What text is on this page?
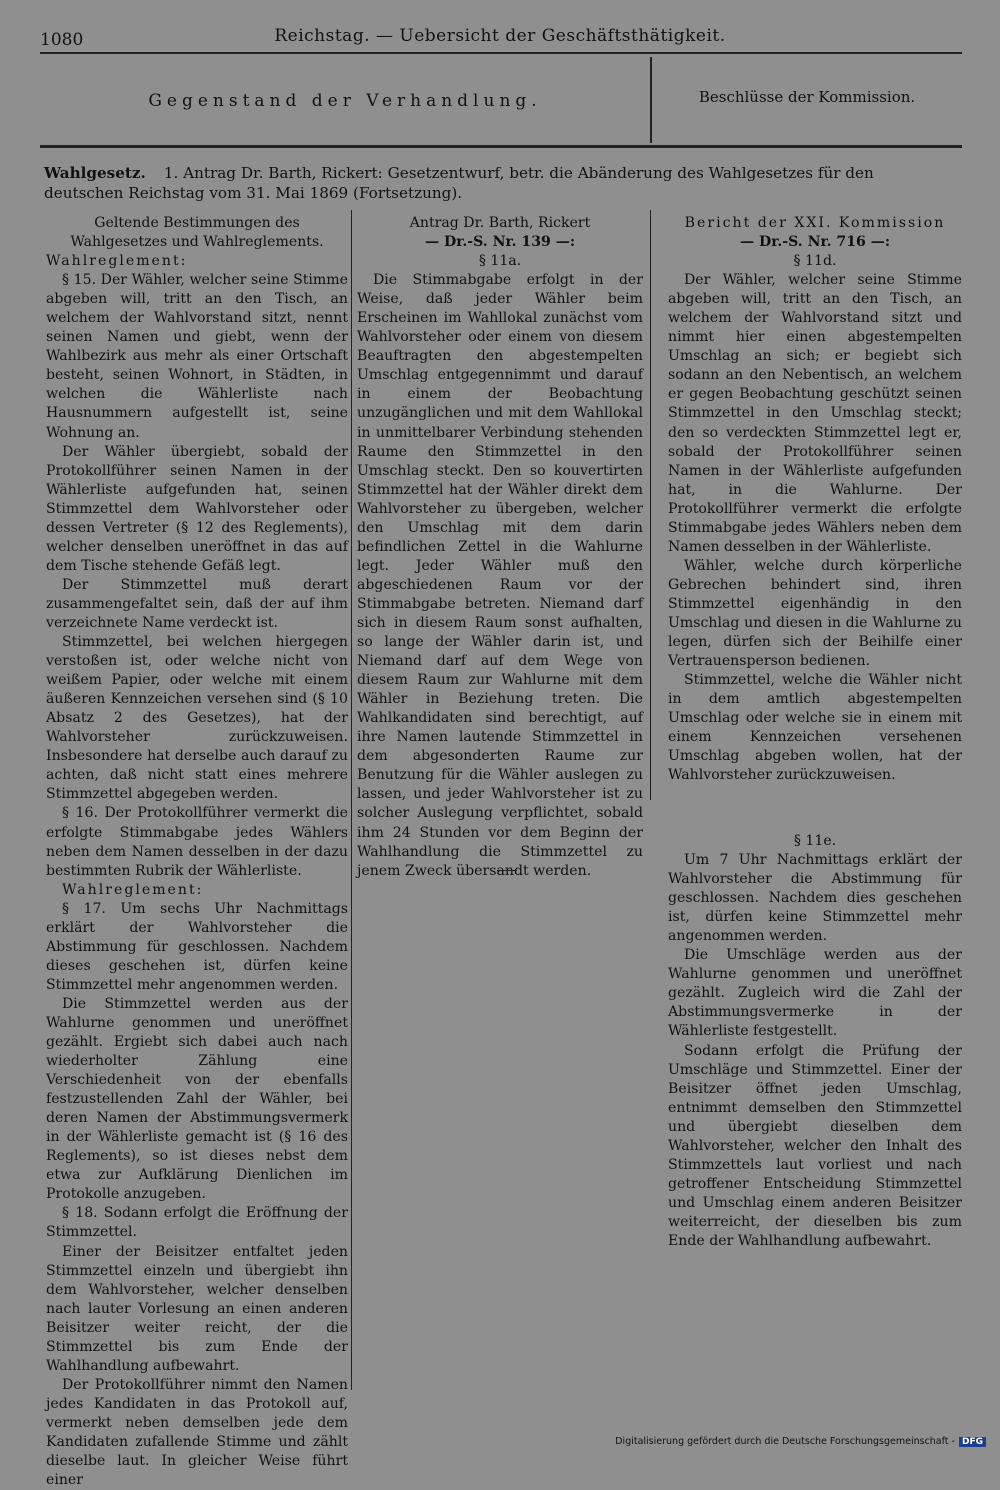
1080	Reichstag. — Uebersicht der Geschäftsthätigkeit.
Gegenstand der Verhandlung.	Beschlüsse der Kommission.
Wahlgesetz. 1. Antrag Dr. Barth, Rickert: Gesetzentwurf, betr. die Abänderung des Wahlgesetzes für den deutschen Reichstag vom 31. Mai 1869 (Fortsetzung).

Geltende Bestimmungen des Wahlgesetzes und Wahlreglements.

Wahlreglement:

§ 15. Der Wähler, welcher seine Stimme abgeben will, tritt an den Tisch, an welchem der Wahlvorstand sitzt, nennt seinen Namen und giebt, wenn der Wahlbezirk aus mehr als einer Ortschaft besteht, seinen Wohnort, in Städten, in welchen die Wählerliste nach Hausnummern aufgestellt ist, seine Wohnung an.

Der Wähler übergiebt, sobald der Protokollführer seinen Namen in der Wählerliste aufgefunden hat, seinen Stimmzettel dem Wahlvorsteher oder dessen Vertreter (§ 12 des Reglements), welcher denselben uneröffnet in das auf dem Tische stehende Gefäß legt.

Der Stimmzettel muß derart zusammengefaltet sein, daß der auf ihm verzeichnete Name verdeckt ist.

Stimmzettel, bei welchen hiergegen verstoßen ist, oder welche nicht von weißem Papier, oder welche mit einem äußeren Kennzeichen versehen sind (§ 10 Absatz 2 des Gesetzes), hat der Wahlvorsteher zurückzuweisen. Insbesondere hat derselbe auch darauf zu achten, daß nicht statt eines mehrere Stimmzettel abgegeben werden.

§ 16. Der Protokollführer vermerkt die erfolgte Stimmabgabe jedes Wählers neben dem Namen desselben in der dazu bestimmten Rubrik der Wählerliste.

Wahlreglement:

§ 17. Um sechs Uhr Nachmittags erklärt der Wahlvorsteher die Abstimmung für geschlossen. Nachdem dieses geschehen ist, dürfen keine Stimmzettel mehr angenommen werden.

Die Stimmzettel werden aus der Wahlurne genommen und uneröffnet gezählt. Ergiebt sich dabei auch nach wiederholter Zählung eine Verschiedenheit von der ebenfalls festzustellenden Zahl der Wähler, bei deren Namen der Abstimmungsvermerk in der Wählerliste gemacht ist (§ 16 des Reglements), so ist dieses nebst dem etwa zur Aufklärung Dienlichen im Protokolle anzugeben.

§ 18. Sodann erfolgt die Eröffnung der Stimmzettel.

Einer der Beisitzer entfaltet jeden Stimmzettel einzeln und übergiebt ihn dem Wahlvorsteher, welcher denselben nach lauter Vorlesung an einen anderen Beisitzer weiter reicht, der die Stimmzettel bis zum Ende der Wahlhandlung aufbewahrt.

Der Protokollführer nimmt den Namen jedes Kandidaten in das Protokoll auf, vermerkt neben demselben jede dem Kandidaten zufallende Stimme und zählt dieselbe laut. In gleicher Weise führt einer

Antrag Dr. Barth, Rickert

— Dr.-S. Nr. 139 —:

§ 11a.

Die Stimmabgabe erfolgt in der Weise, daß jeder Wähler beim Erscheinen im Wahllokal zunächst vom Wahlvorsteher oder einem von diesem Beauftragten den abgestempelten Umschlag entgegennimmt und darauf in einem der Beobachtung unzugänglichen und mit dem Wahllokal in unmittelbarer Verbindung stehenden Raume den Stimmzettel in den Umschlag steckt. Den so kouvertirten Stimmzettel hat der Wähler direkt dem Wahlvorsteher zu übergeben, welcher den Umschlag mit dem darin befindlichen Zettel in die Wahlurne legt. Jeder Wähler muß den abgeschiedenen Raum vor der Stimmabgabe betreten. Niemand darf sich in diesem Raum sonst aufhalten, so lange der Wähler darin ist, und Niemand darf auf dem Wege von diesem Raum zur Wahlurne mit dem Wähler in Beziehung treten. Die Wahlkandidaten sind berechtigt, auf ihre Namen lautende Stimmzettel in dem abgesonderten Raume zur Benutzung für die Wähler auslegen zu lassen, und jeder Wahlvorsteher ist zu solcher Auslegung verpflichtet, sobald ihm 24 Stunden vor dem Beginn der Wahlhandlung die Stimmzettel zu jenem Zweck übersandt werden.

Bericht der XXI. Kommission

— Dr.-S. Nr. 716 —:

§ 11d.

Der Wähler, welcher seine Stimme abgeben will, tritt an den Tisch, an welchem der Wahlvorstand sitzt und nimmt hier einen abgestempelten Umschlag an sich; er begiebt sich sodann an den Nebentisch, an welchem er gegen Beobachtung geschützt seinen Stimmzettel in den Umschlag steckt; den so verdeckten Stimmzettel legt er, sobald der Protokollführer seinen Namen in der Wählerliste aufgefunden hat, in die Wahlurne. Der Protokollführer vermerkt die erfolgte Stimmabgabe jedes Wählers neben dem Namen desselben in der Wählerliste.

Wähler, welche durch körperliche Gebrechen behindert sind, ihren Stimmzettel eigenhändig in den Umschlag und diesen in die Wahlurne zu legen, dürfen sich der Beihilfe einer Vertrauensperson bedienen.

Stimmzettel, welche die Wähler nicht in dem amtlich abgestempelten Umschlag oder welche sie in einem mit einem Kennzeichen versehenen Umschlag abgeben wollen, hat der Wahlvorsteher zurückzuweisen.

§ 11e.

Um 7 Uhr Nachmittags erklärt der Wahlvorsteher die Abstimmung für geschlossen. Nachdem dies geschehen ist, dürfen keine Stimmzettel mehr angenommen werden.

Die Umschläge werden aus der Wahlurne genommen und uneröffnet gezählt. Zugleich wird die Zahl der Abstimmungsvermerke in der Wählerliste festgestellt.

Sodann erfolgt die Prüfung der Umschläge und Stimmzettel. Einer der Beisitzer öffnet jeden Umschlag, entnimmt demselben den Stimmzettel und übergiebt dieselben dem Wahlvorsteher, welcher den Inhalt des Stimmzettels laut vorliest und nach getroffener Entscheidung Stimmzettel und Umschlag einem anderen Beisitzer weiterreicht, der dieselben bis zum Ende der Wahlhandlung aufbewahrt.

Digitalisierung gefördert durch die Deutsche Forschungsgemeinschaft - DFG
